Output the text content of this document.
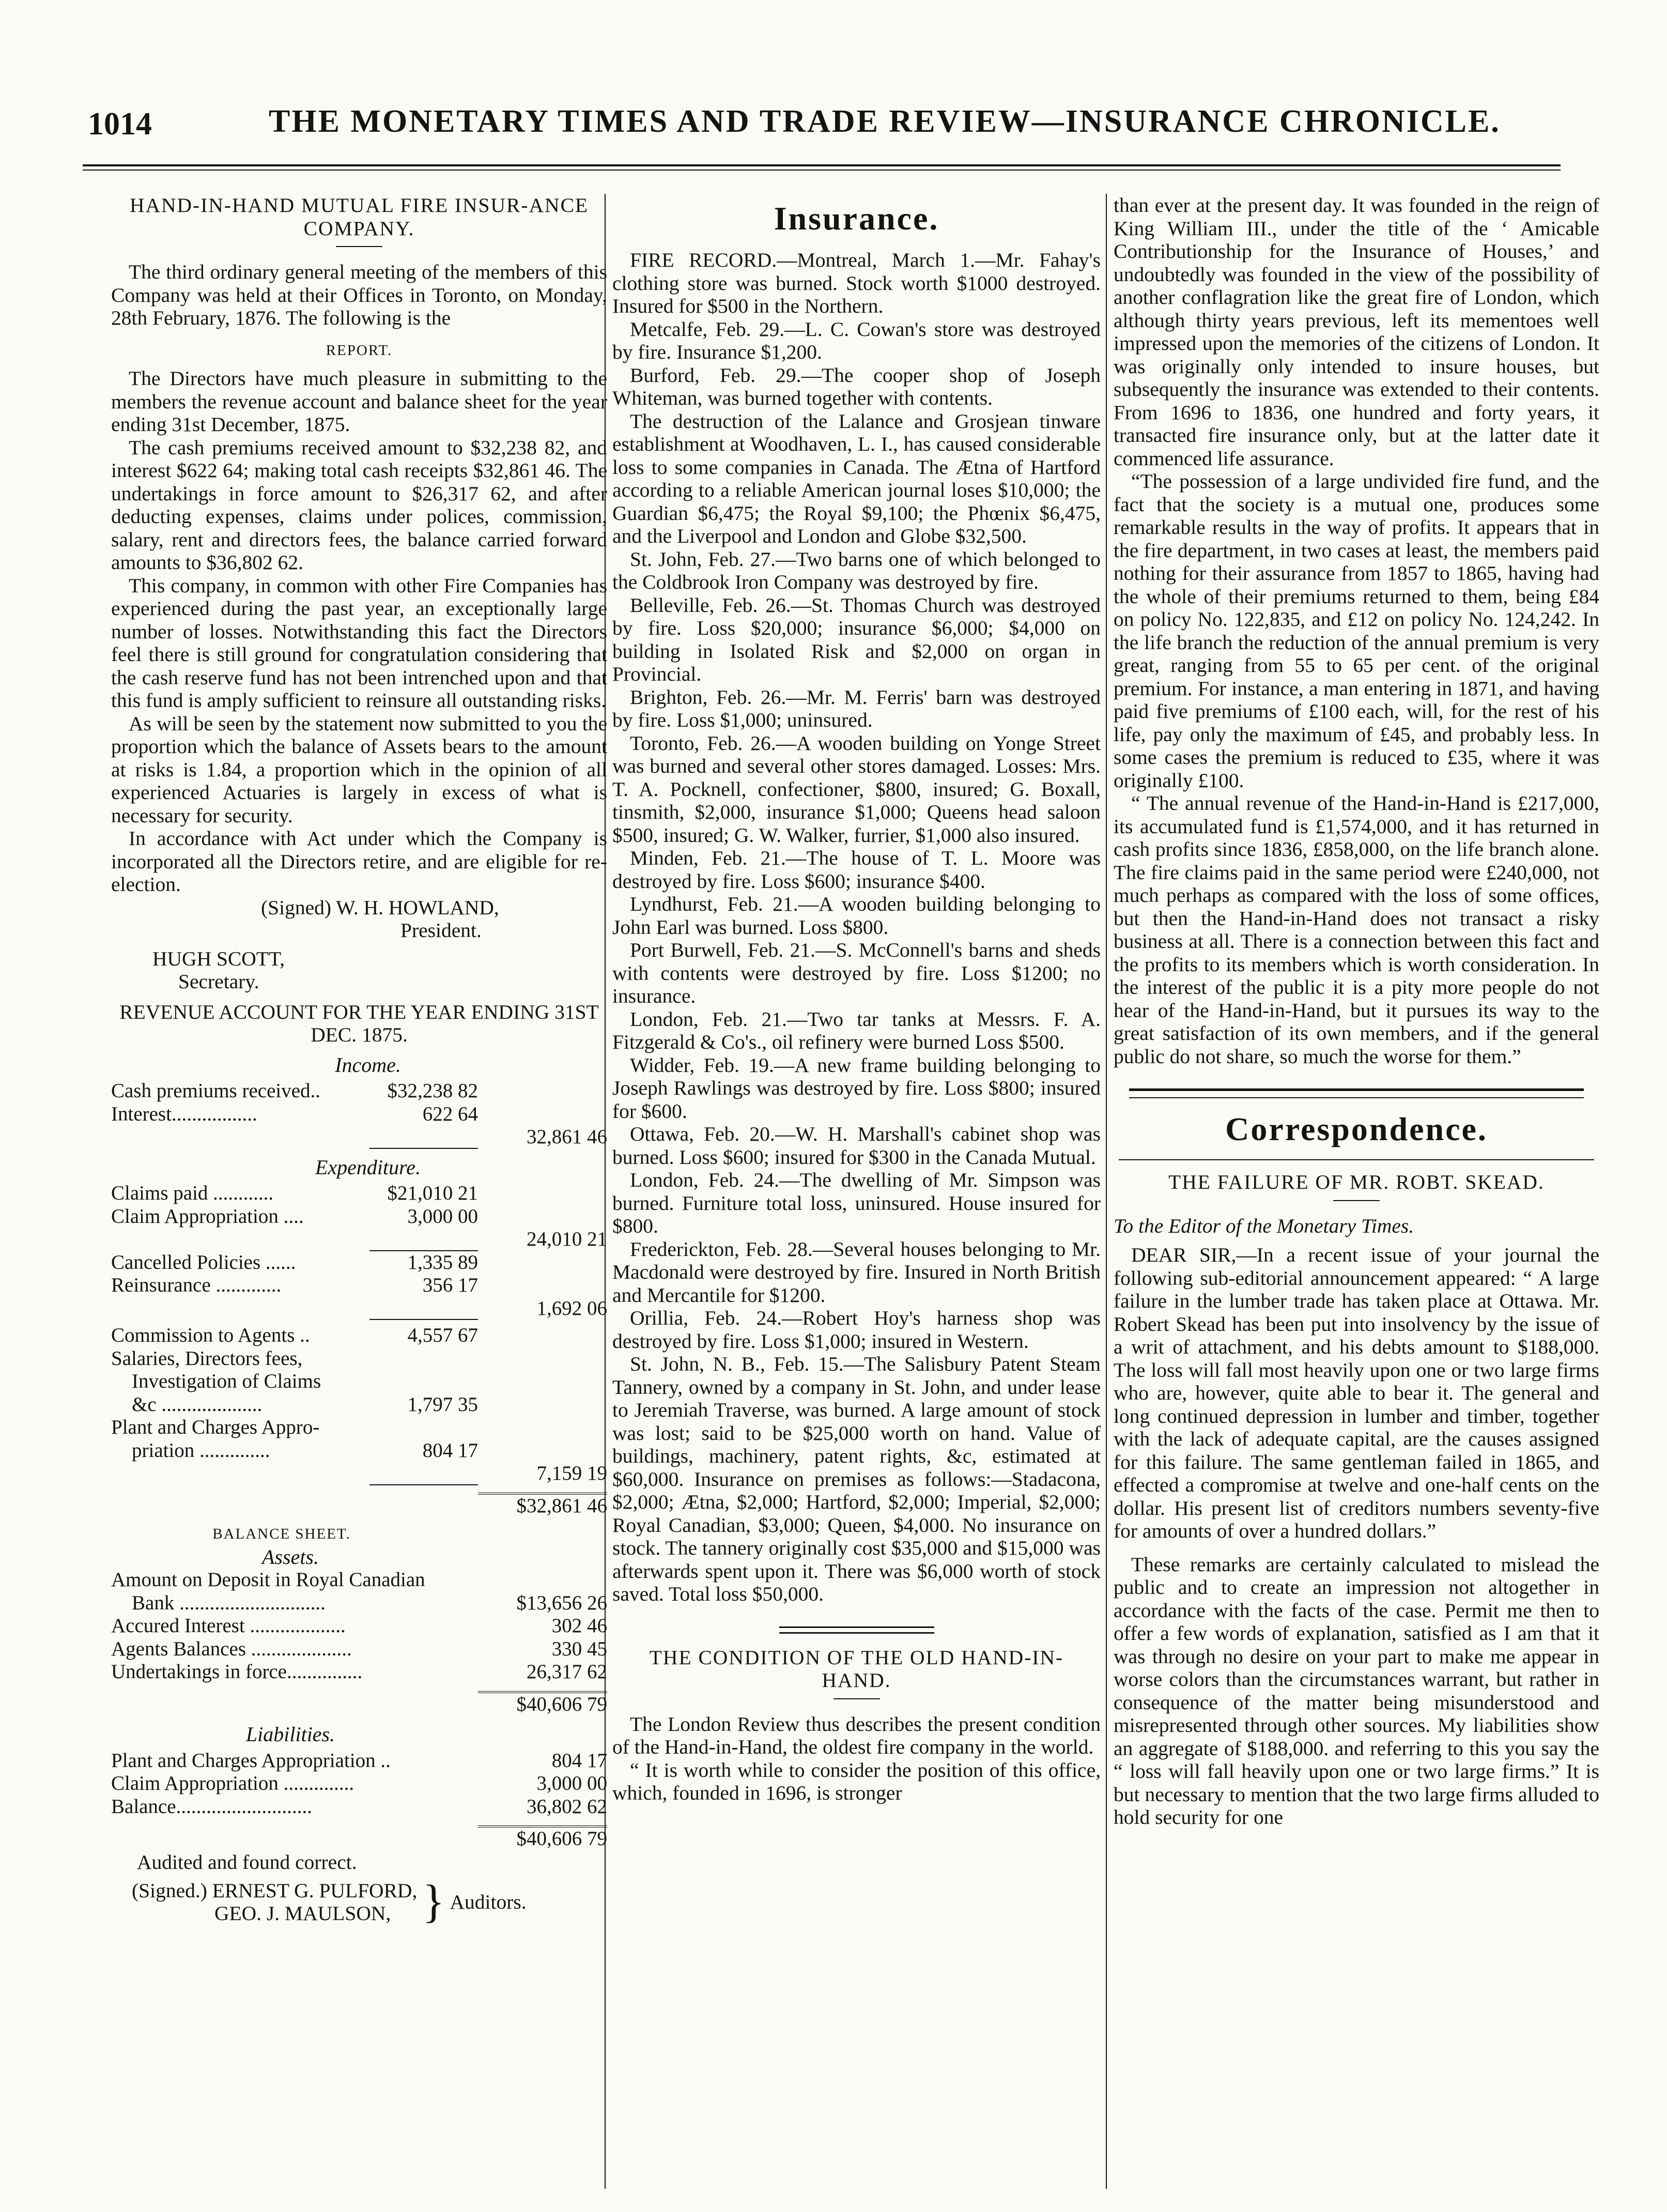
1014	THE MONETARY TIMES AND TRADE REVIEW—INSURANCE CHRONICLE.

HAND-IN-HAND MUTUAL FIRE INSUR-ANCE COMPANY.

The third ordinary general meeting of the members of this Company was held at their Offices in Toronto, on Monday, 28th February, 1876. The following is the

REPORT.

The Directors have much pleasure in submitting to the members the revenue account and balance sheet for the year ending 31st December, 1875.

The cash premiums received amount to $32,238 82, and interest $622 64; making total cash receipts $32,861 46. The undertakings in force amount to $26,317 62, and after deducting expenses, claims under polices, commission, salary, rent and directors fees, the balance carried forward amounts to $36,802 62.

This company, in common with other Fire Companies has experienced during the past year, an exceptionally large number of losses. Notwithstanding this fact the Directors feel there is still ground for congratulation considering that the cash reserve fund has not been intrenched upon and that this fund is amply sufficient to reinsure all outstanding risks.

As will be seen by the statement now submitted to you the proportion which the balance of Assets bears to the amount at risks is 1.84, a proportion which in the opinion of all experienced Actuaries is largely in excess of what is necessary for security.

In accordance with Act under which the Company is incorporated all the Directors retire, and are eligible for re-election.

(Signed) W. H. HOWLAND,

President.

HUGH SCOTT,

Secretary.

REVENUE ACCOUNT FOR THE YEAR ENDING 31ST DEC. 1875.

Income.

Cash premiums received..	$32,238 82
Interest.................	622 64
32,861 46

Expenditure.

Claims paid ............	$21,010 21
Claim Appropriation ....	3,000 00
24,010 21
Cancelled Policies ......	1,335 89
Reinsurance .............	356 17
1,692 06
Commission to Agents ..	4,557 67
Salaries, Directors fees,
Investigation of Claims
&c ....................	1,797 35
Plant and Charges Appro-
priation ..............	804 17
7,159 19
$32,861 46

BALANCE SHEET.

Assets.

Amount on Deposit in Royal Canadian
Bank .............................	$13,656 26
Accured Interest ...................	302 46
Agents Balances ....................	330 45
Undertakings in force...............	26,317 62
$40,606 79

Liabilities.

Plant and Charges Appropriation ..	804 17
Claim Appropriation ..............	3,000 00
Balance...........................	36,802 62
$40,606 79

Audited and found correct.

(Signed.) ERNEST G. PULFORD,
GEO. J. MAULSON, } Auditors.
Insurance.

FIRE RECORD.—Montreal, March 1.—Mr. Fahay's clothing store was burned. Stock worth $1000 destroyed. Insured for $500 in the Northern.

Metcalfe, Feb. 29.—L. C. Cowan's store was destroyed by fire. Insurance $1,200.

Burford, Feb. 29.—The cooper shop of Joseph Whiteman, was burned together with contents.

The destruction of the Lalance and Grosjean tinware establishment at Woodhaven, L. I., has caused considerable loss to some companies in Canada. The Ætna of Hartford according to a reliable American journal loses $10,000; the Guardian $6,475; the Royal $9,100; the Phœnix $6,475, and the Liverpool and London and Globe $32,500.

St. John, Feb. 27.—Two barns one of which belonged to the Coldbrook Iron Company was destroyed by fire.

Belleville, Feb. 26.—St. Thomas Church was destroyed by fire. Loss $20,000; insurance $6,000; $4,000 on building in Isolated Risk and $2,000 on organ in Provincial.

Brighton, Feb. 26.—Mr. M. Ferris' barn was destroyed by fire. Loss $1,000; uninsured.

Toronto, Feb. 26.—A wooden building on Yonge Street was burned and several other stores damaged. Losses: Mrs. T. A. Pocknell, confectioner, $800, insured; G. Boxall, tinsmith, $2,000, insurance $1,000; Queens head saloon $500, insured; G. W. Walker, furrier, $1,000 also insured.

Minden, Feb. 21.—The house of T. L. Moore was destroyed by fire. Loss $600; insurance $400.

Lyndhurst, Feb. 21.—A wooden building belonging to John Earl was burned. Loss $800.

Port Burwell, Feb. 21.—S. McConnell's barns and sheds with contents were destroyed by fire. Loss $1200; no insurance.

London, Feb. 21.—Two tar tanks at Messrs. F. A. Fitzgerald & Co's., oil refinery were burned Loss $500.

Widder, Feb. 19.—A new frame building belonging to Joseph Rawlings was destroyed by fire. Loss $800; insured for $600.

Ottawa, Feb. 20.—W. H. Marshall's cabinet shop was burned. Loss $600; insured for $300 in the Canada Mutual.

London, Feb. 24.—The dwelling of Mr. Simpson was burned. Furniture total loss, uninsured. House insured for $800.

Frederickton, Feb. 28.—Several houses belonging to Mr. Macdonald were destroyed by fire. Insured in North British and Mercantile for $1200.

Orillia, Feb. 24.—Robert Hoy's harness shop was destroyed by fire. Loss $1,000; insured in Western.

St. John, N. B., Feb. 15.—The Salisbury Patent Steam Tannery, owned by a company in St. John, and under lease to Jeremiah Traverse, was burned. A large amount of stock was lost; said to be $25,000 worth on hand. Value of buildings, machinery, patent rights, &c, estimated at $60,000. Insurance on premises as follows:—Stadacona, $2,000; Ætna, $2,000; Hartford, $2,000; Imperial, $2,000; Royal Canadian, $3,000; Queen, $4,000. No insurance on stock. The tannery originally cost $35,000 and $15,000 was afterwards spent upon it. There was $6,000 worth of stock saved. Total loss $50,000.

THE CONDITION OF THE OLD HAND-IN-HAND.

The London Review thus describes the present condition of the Hand-in-Hand, the oldest fire company in the world.

“ It is worth while to consider the position of this office, which, founded in 1696, is stronger

than ever at the present day. It was founded in the reign of King William III., under the title of the ‘ Amicable Contributionship for the Insurance of Houses,’ and undoubtedly was founded in the view of the possibility of another conflagration like the great fire of London, which although thirty years previous, left its mementoes well impressed upon the memories of the citizens of London. It was originally only intended to insure houses, but subsequently the insurance was extended to their contents. From 1696 to 1836, one hundred and forty years, it transacted fire insurance only, but at the latter date it commenced life assurance.

“The possession of a large undivided fire fund, and the fact that the society is a mutual one, produces some remarkable results in the way of profits. It appears that in the fire department, in two cases at least, the members paid nothing for their assurance from 1857 to 1865, having had the whole of their premiums returned to them, being £84 on policy No. 122,835, and £12 on policy No. 124,242. In the life branch the reduction of the annual premium is very great, ranging from 55 to 65 per cent. of the original premium. For instance, a man entering in 1871, and having paid five premiums of £100 each, will, for the rest of his life, pay only the maximum of £45, and probably less. In some cases the premium is reduced to £35, where it was originally £100.

“ The annual revenue of the Hand-in-Hand is £217,000, its accumulated fund is £1,574,000, and it has returned in cash profits since 1836, £858,000, on the life branch alone. The fire claims paid in the same period were £240,000, not much perhaps as compared with the loss of some offices, but then the Hand-in-Hand does not transact a risky business at all. There is a connection between this fact and the profits to its members which is worth consideration. In the interest of the public it is a pity more people do not hear of the Hand-in-Hand, but it pursues its way to the great satisfaction of its own members, and if the general public do not share, so much the worse for them.”

Correspondence.

THE FAILURE OF MR. ROBT. SKEAD.

To the Editor of the Monetary Times.

DEAR SIR,—In a recent issue of your journal the following sub-editorial announcement appeared: “ A large failure in the lumber trade has taken place at Ottawa. Mr. Robert Skead has been put into insolvency by the issue of a writ of attachment, and his debts amount to $188,000. The loss will fall most heavily upon one or two large firms who are, however, quite able to bear it. The general and long continued depression in lumber and timber, together with the lack of adequate capital, are the causes assigned for this failure. The same gentleman failed in 1865, and effected a compromise at twelve and one-half cents on the dollar. His present list of creditors numbers seventy-five for amounts of over a hundred dollars.”

These remarks are certainly calculated to mislead the public and to create an impression not altogether in accordance with the facts of the case. Permit me then to offer a few words of explanation, satisfied as I am that it was through no desire on your part to make me appear in worse colors than the circumstances warrant, but rather in consequence of the matter being misunderstood and misrepresented through other sources. My liabilities show an aggregate of $188,000. and referring to this you say the “ loss will fall heavily upon one or two large firms.” It is but necessary to mention that the two large firms alluded to hold security for one
